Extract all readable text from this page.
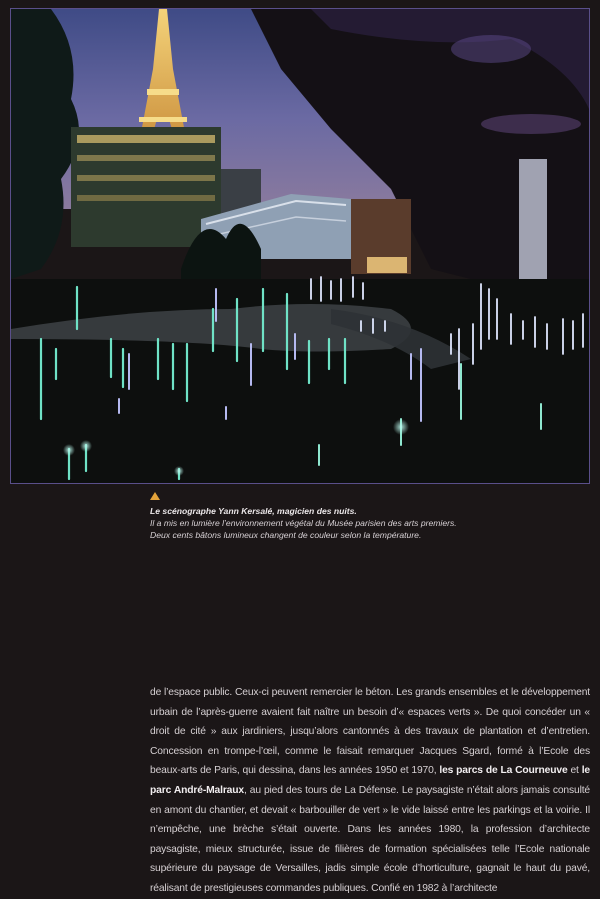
Le scénographe Yann Kersalé, magicien des nuits.
Il a mis en lumière l’environnement végétal du Musée parisien des arts premiers.
Deux cents bâtons lumineux changent de couleur selon la température.

de l’espace public. Ceux-ci peuvent remercier le béton. Les grands ensembles et le développement urbain de l’après-guerre avaient fait naître un besoin d’« espaces verts ». De quoi concéder un « droit de cité » aux jardiniers, jusqu’alors cantonnés à des travaux de plantation et d’entretien. Concession en trompe-l’œil, comme le faisait remarquer Jacques Sgard, formé à l’Ecole des beaux-arts de Paris, qui dessina, dans les années 1950 et 1970, les parcs de La Courneuve et le parc André-Malraux, au pied des tours de La Défense. Le paysagiste n’était alors jamais consulté en amont du chantier, et devait « barbouiller de vert » le vide laissé entre les parkings et la voirie. Il n’empêche, une brèche s’était ouverte. Dans les années 1980, la profession d’architecte paysagiste, mieux structurée, issue de filières de formation spécialisées telle l’Ecole nationale supérieure du paysage de Versailles, jadis simple école d’horticulture, gagnait le haut du pavé, réalisant de prestigieuses commandes publiques. Confié en 1982 à l’architecte
